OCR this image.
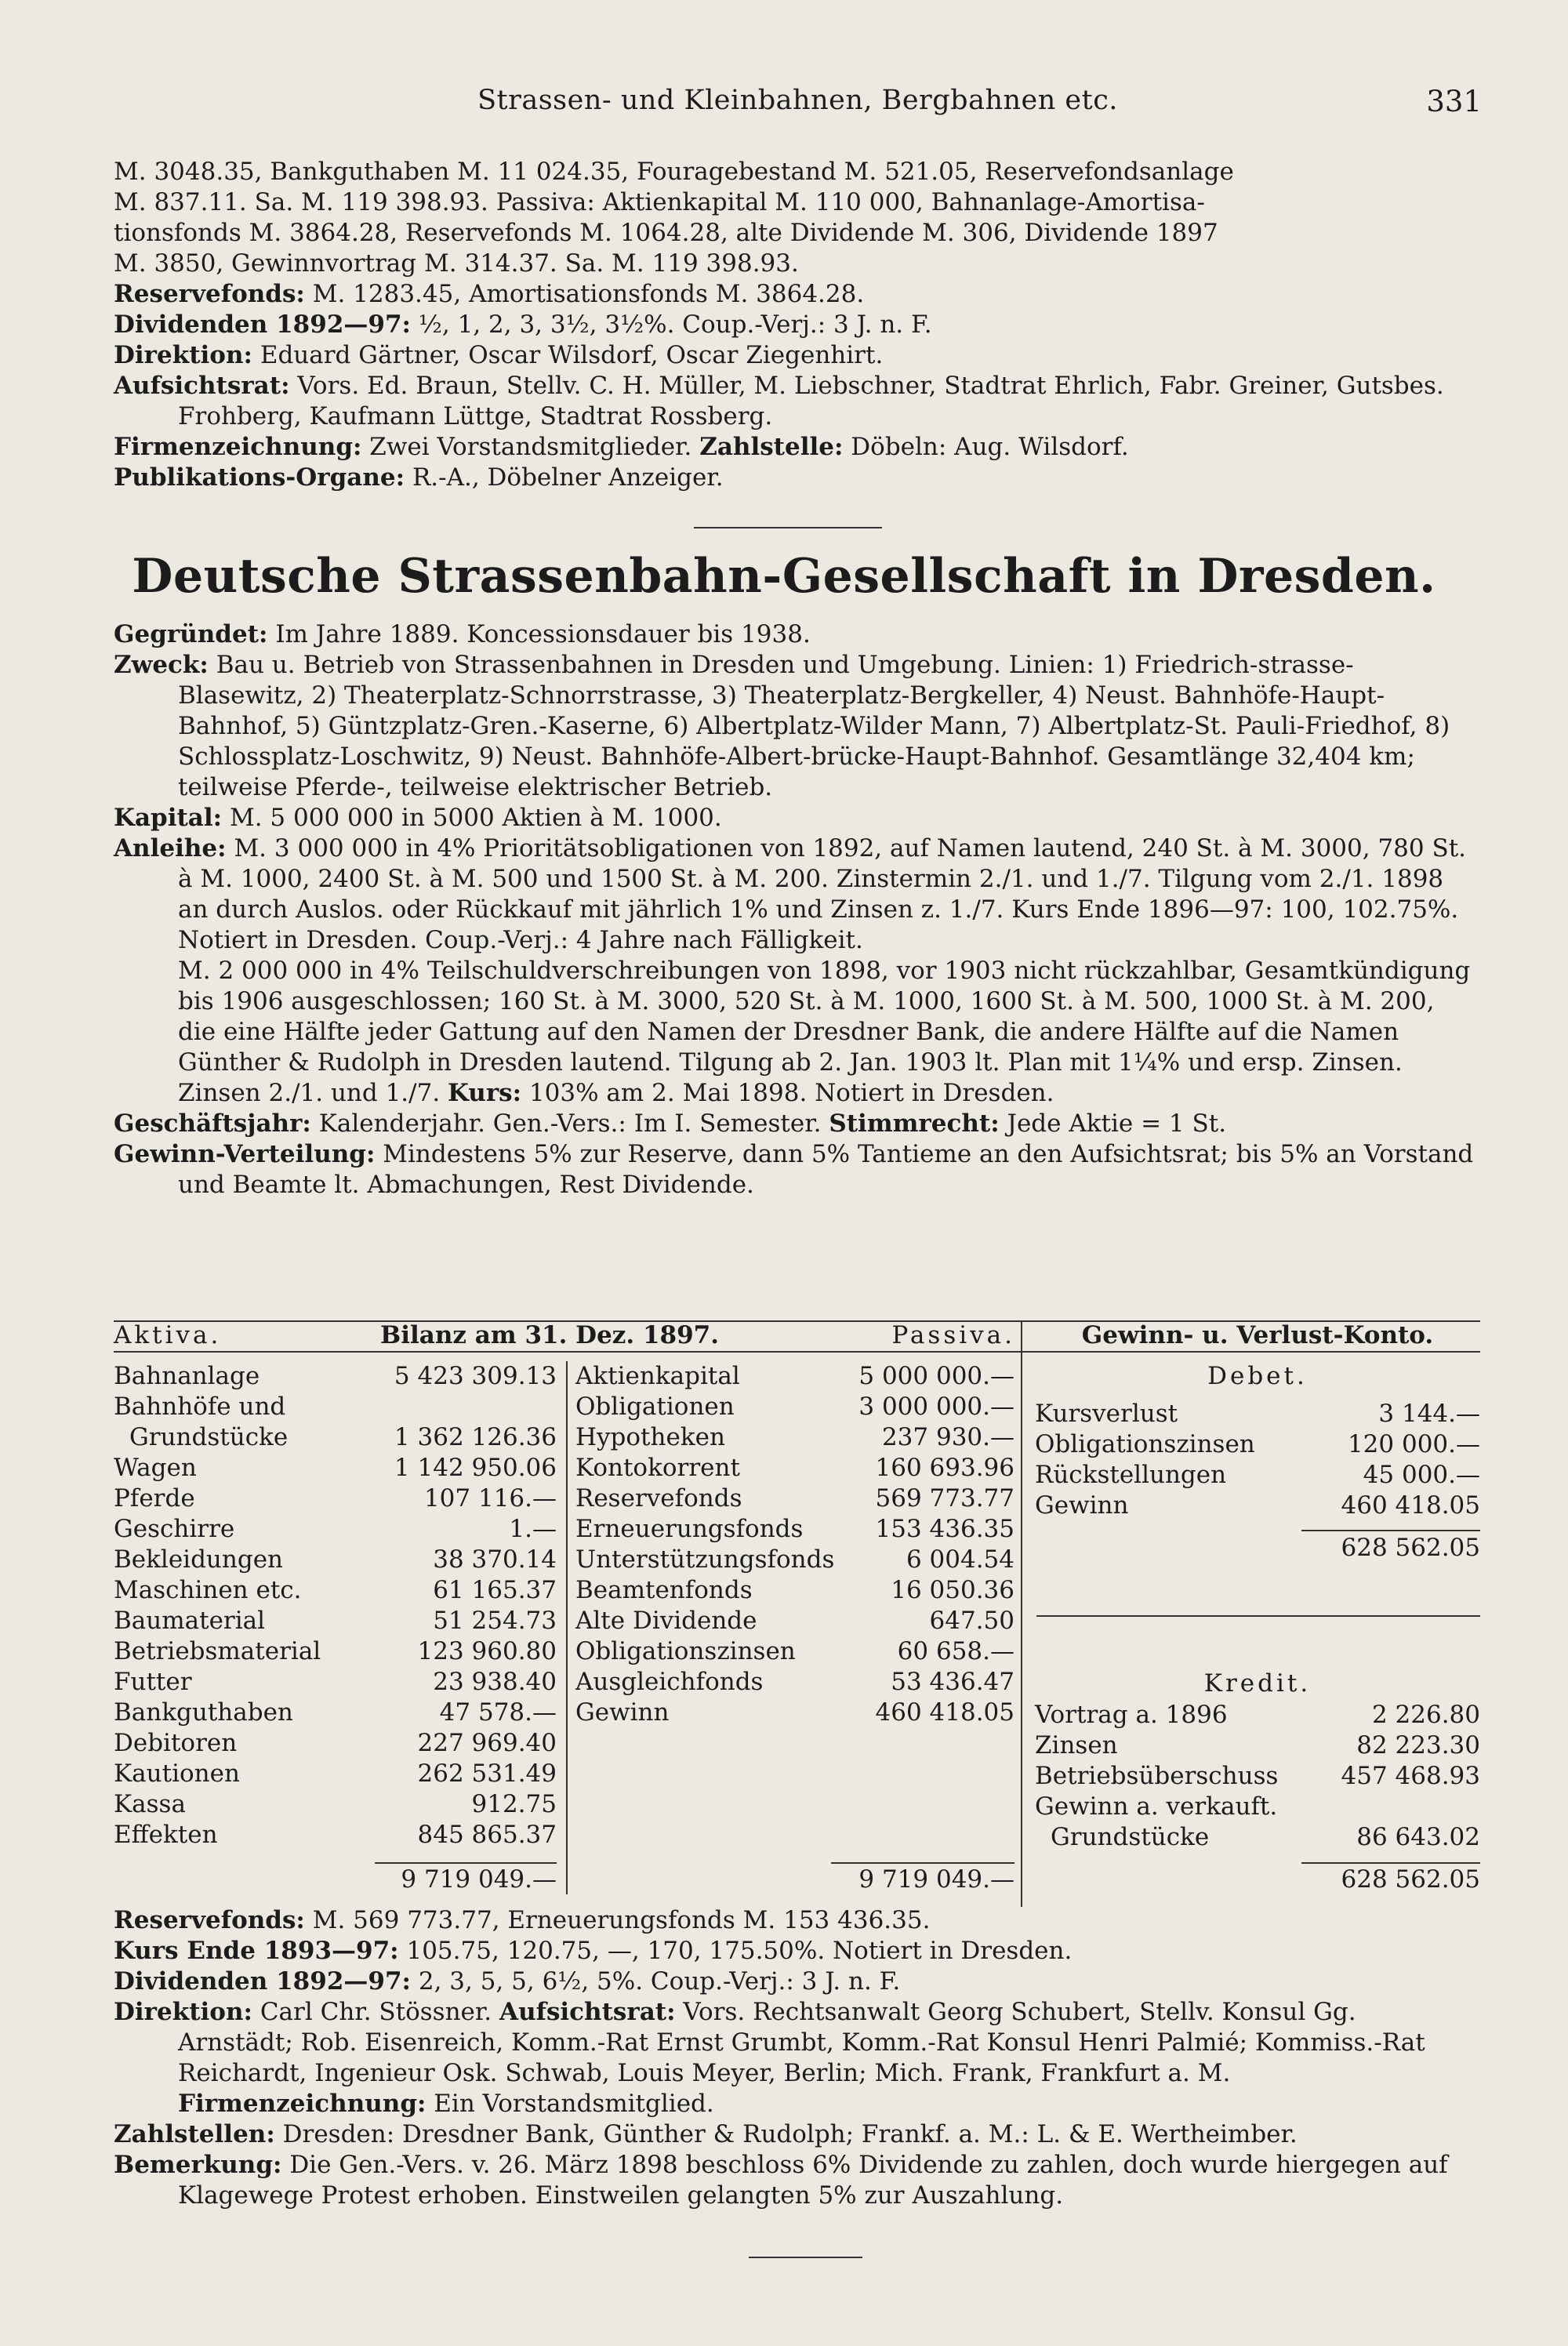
Strassen- und Kleinbahnen, Bergbahnen etc.	331

M. 3048.35, Bankguthaben M. 11 024.35, Fouragebestand M. 521.05, Reservefondsanlage

M. 837.11. Sa. M. 119 398.93. Passiva: Aktienkapital M. 110 000, Bahnanlage-Amortisa-

tionsfonds M. 3864.28, Reservefonds M. 1064.28, alte Dividende M. 306, Dividende 1897

M. 3850, Gewinnvortrag M. 314.37. Sa. M. 119 398.93.

Reservefonds: M. 1283.45, Amortisationsfonds M. 3864.28.

Dividenden 1892—97: ½, 1, 2, 3, 3½, 3½%. Coup.-Verj.: 3 J. n. F.

Direktion: Eduard Gärtner, Oscar Wilsdorf, Oscar Ziegenhirt.

Aufsichtsrat: Vors. Ed. Braun, Stellv. C. H. Müller, M. Liebschner, Stadtrat Ehrlich, Fabr. Greiner, Gutsbes. Frohberg, Kaufmann Lüttge, Stadtrat Rossberg.

Firmenzeichnung: Zwei Vorstandsmitglieder. Zahlstelle: Döbeln: Aug. Wilsdorf.

Publikations-Organe: R.-A., Döbelner Anzeiger.

Deutsche Strassenbahn-Gesellschaft in Dresden.

Gegründet: Im Jahre 1889. Koncessionsdauer bis 1938.

Zweck: Bau u. Betrieb von Strassenbahnen in Dresden und Umgebung. Linien: 1) Friedrich-strasse-Blasewitz, 2) Theaterplatz-Schnorrstrasse, 3) Theaterplatz-Bergkeller, 4) Neust. Bahnhöfe-Haupt-Bahnhof, 5) Güntzplatz-Gren.-Kaserne, 6) Albertplatz-Wilder Mann, 7) Albertplatz-St. Pauli-Friedhof, 8) Schlossplatz-Loschwitz, 9) Neust. Bahnhöfe-Albert-brücke-Haupt-Bahnhof. Gesamtlänge 32,404 km; teilweise Pferde-, teilweise elektrischer Betrieb.

Kapital: M. 5 000 000 in 5000 Aktien à M. 1000.

Anleihe: M. 3 000 000 in 4% Prioritätsobligationen von 1892, auf Namen lautend, 240 St. à M. 3000, 780 St. à M. 1000, 2400 St. à M. 500 und 1500 St. à M. 200. Zinstermin 2./1. und 1./7. Tilgung vom 2./1. 1898 an durch Auslos. oder Rückkauf mit jährlich 1% und Zinsen z. 1./7. Kurs Ende 1896—97: 100, 102.75%. Notiert in Dresden. Coup.-Verj.: 4 Jahre nach Fälligkeit.

M. 2 000 000 in 4% Teilschuldverschreibungen von 1898, vor 1903 nicht rückzahlbar, Gesamtkündigung bis 1906 ausgeschlossen; 160 St. à M. 3000, 520 St. à M. 1000, 1600 St. à M. 500, 1000 St. à M. 200, die eine Hälfte jeder Gattung auf den Namen der Dresdner Bank, die andere Hälfte auf die Namen Günther & Rudolph in Dresden lautend. Tilgung ab 2. Jan. 1903 lt. Plan mit 1¼% und ersp. Zinsen. Zinsen 2./1. und 1./7. Kurs: 103% am 2. Mai 1898. Notiert in Dresden.

Geschäftsjahr: Kalenderjahr. Gen.-Vers.: Im I. Semester. Stimmrecht: Jede Aktie = 1 St.

Gewinn-Verteilung: Mindestens 5% zur Reserve, dann 5% Tantieme an den Aufsichtsrat; bis 5% an Vorstand und Beamte lt. Abmachungen, Rest Dividende.

Aktiva.	Bilanz am 31. Dez. 1897.	Passiva.	Gewinn- u. Verlust-Konto.
Bahnanlage	5 423 309.13
Bahnhöfe und	
Grundstücke	1 362 126.36
Wagen	1 142 950.06
Pferde	107 116.—
Geschirre	1.—
Bekleidungen	38 370.14
Maschinen etc.	61 165.37
Baumaterial	51 254.73
Betriebsmaterial	123 960.80
Futter	23 938.40
Bankguthaben	47 578.—
Debitoren	227 969.40
Kautionen	262 531.49
Kassa	912.75
Effekten	845 865.37
Aktienkapital	5 000 000.—
Obligationen	3 000 000.—
Hypotheken	237 930.—
Kontokorrent	160 693.96
Reservefonds	569 773.77
Erneuerungsfonds	153 436.35
Unterstützungsfonds	6 004.54
Beamtenfonds	16 050.36
Alte Dividende	647.50
Obligationszinsen	60 658.—
Ausgleichfonds	53 436.47
Gewinn	460 418.05
9 719 049.—	9 719 049.—
Debet.
Kursverlust	3 144.—
Obligationszinsen	120 000.—
Rückstellungen	45 000.—
Gewinn	460 418.05
628 562.05
Kredit.
Vortrag a. 1896	2 226.80
Zinsen	82 223.30
Betriebsüberschuss	457 468.93
Gewinn a. verkauft.	
Grundstücke	86 643.02
628 562.05

Reservefonds: M. 569 773.77, Erneuerungsfonds M. 153 436.35.

Kurs Ende 1893—97: 105.75, 120.75, —, 170, 175.50%. Notiert in Dresden.

Dividenden 1892—97: 2, 3, 5, 5, 6½, 5%. Coup.-Verj.: 3 J. n. F.

Direktion: Carl Chr. Stössner. Aufsichtsrat: Vors. Rechtsanwalt Georg Schubert, Stellv. Konsul Gg. Arnstädt; Rob. Eisenreich, Komm.-Rat Ernst Grumbt, Komm.-Rat Konsul Henri Palmié; Kommiss.-Rat Reichardt, Ingenieur Osk. Schwab, Louis Meyer, Berlin; Mich. Frank, Frankfurt a. M. Firmenzeichnung: Ein Vorstandsmitglied.

Zahlstellen: Dresden: Dresdner Bank, Günther & Rudolph; Frankf. a. M.: L. & E. Wertheimber.

Bemerkung: Die Gen.-Vers. v. 26. März 1898 beschloss 6% Dividende zu zahlen, doch wurde hiergegen auf Klagewege Protest erhoben. Einstweilen gelangten 5% zur Auszahlung.
